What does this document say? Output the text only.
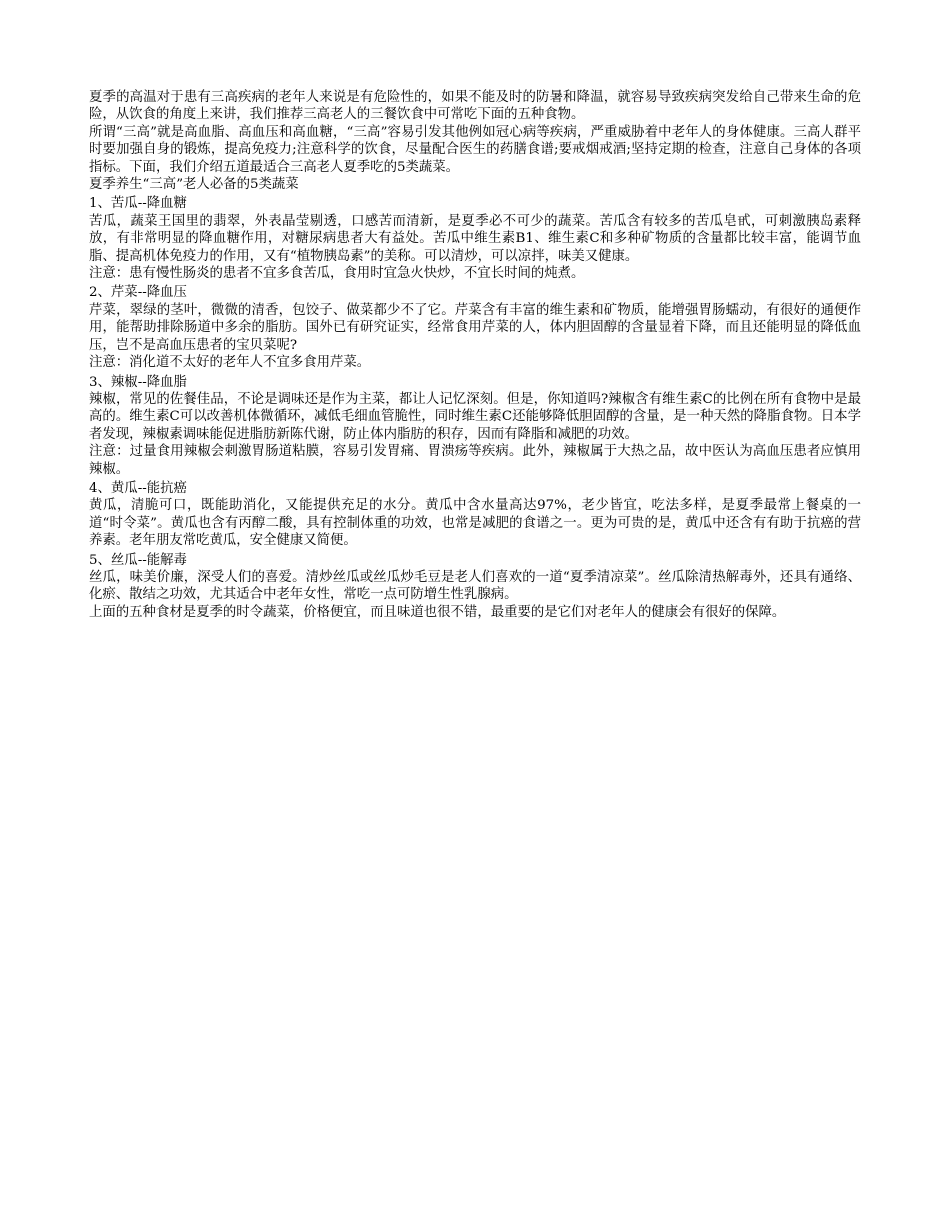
夏季的高温对于患有三高疾病的老年人来说是有危险性的，如果不能及时的防暑和降温，就容易导致疾病突发给自己带来生命的危险，从饮食的角度上来讲，我们推荐三高老人的三餐饮食中可常吃下面的五种食物。

所谓“三高”就是高血脂、高血压和高血糖，“三高”容易引发其他例如冠心病等疾病，严重威胁着中老年人的身体健康。三高人群平时要加强自身的锻炼，提高免疫力;注意科学的饮食，尽量配合医生的药膳食谱;要戒烟戒酒;坚持定期的检查，注意自己身体的各项指标。下面，我们介绍五道最适合三高老人夏季吃的5类蔬菜。

夏季养生“三高”老人必备的5类蔬菜

1、苦瓜--降血糖

苦瓜，蔬菜王国里的翡翠，外表晶莹剔透，口感苦而清新，是夏季必不可少的蔬菜。苦瓜含有较多的苦瓜皂甙，可刺激胰岛素释放，有非常明显的降血糖作用，对糖尿病患者大有益处。苦瓜中维生素B1、维生素C和多种矿物质的含量都比较丰富，能调节血脂、提高机体免疫力的作用，又有“植物胰岛素”的美称。可以清炒，可以凉拌，味美又健康。

注意：患有慢性肠炎的患者不宜多食苦瓜，食用时宜急火快炒，不宜长时间的炖煮。

2、芹菜--降血压

芹菜，翠绿的茎叶，微微的清香，包饺子、做菜都少不了它。芹菜含有丰富的维生素和矿物质，能增强胃肠蠕动，有很好的通便作用，能帮助排除肠道中多余的脂肪。国外已有研究证实，经常食用芹菜的人，体内胆固醇的含量显着下降，而且还能明显的降低血压，岂不是高血压患者的宝贝菜呢?

注意：消化道不太好的老年人不宜多食用芹菜。

3、辣椒--降血脂

辣椒，常见的佐餐佳品，不论是调味还是作为主菜，都让人记忆深刻。但是，你知道吗?辣椒含有维生素C的比例在所有食物中是最高的。维生素C可以改善机体微循环，减低毛细血管脆性，同时维生素C还能够降低胆固醇的含量，是一种天然的降脂食物。日本学者发现，辣椒素调味能促进脂肪新陈代谢，防止体内脂肪的积存，因而有降脂和减肥的功效。

注意：过量食用辣椒会刺激胃肠道粘膜，容易引发胃痛、胃溃疡等疾病。此外，辣椒属于大热之品，故中医认为高血压患者应慎用辣椒。

4、黄瓜--能抗癌

黄瓜，清脆可口，既能助消化，又能提供充足的水分。黄瓜中含水量高达97%，老少皆宜，吃法多样，是夏季最常上餐桌的一道“时令菜”。黄瓜也含有丙醇二酸，具有控制体重的功效，也常是减肥的食谱之一。更为可贵的是，黄瓜中还含有有助于抗癌的营养素。老年朋友常吃黄瓜，安全健康又简便。

5、丝瓜--能解毒

丝瓜，味美价廉，深受人们的喜爱。清炒丝瓜或丝瓜炒毛豆是老人们喜欢的一道“夏季清凉菜”。丝瓜除清热解毒外，还具有通络、化瘀、散结之功效，尤其适合中老年女性，常吃一点可防增生性乳腺病。

上面的五种食材是夏季的时令蔬菜，价格便宜，而且味道也很不错，最重要的是它们对老年人的健康会有很好的保障。
